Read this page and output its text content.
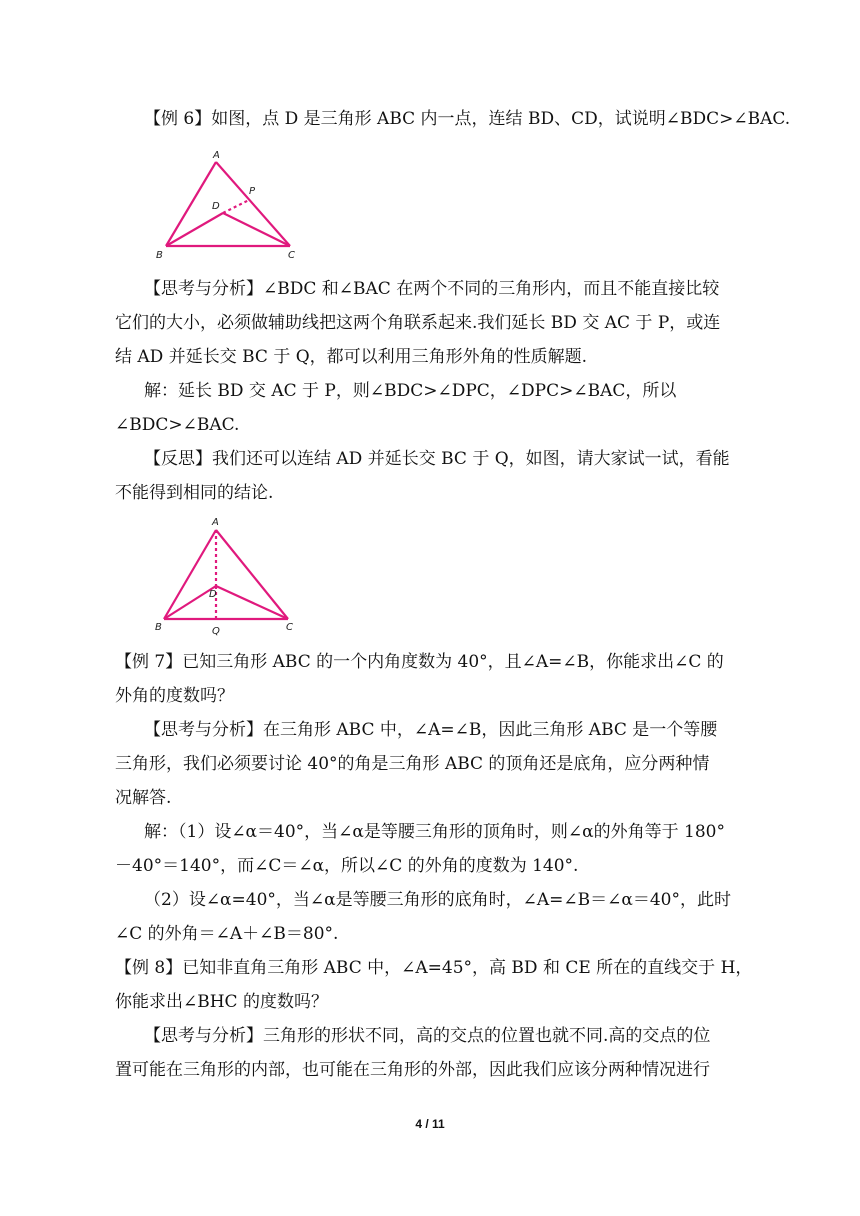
【例 6】如图，点 D 是三角形 ABC 内一点，连结 BD、CD，试说明∠BDC>∠BAC.
A
P
D
B	C
【思考与分析】∠BDC 和∠BAC 在两个不同的三角形内，而且不能直接比较
它们的大小，必须做辅助线把这两个角联系起来.我们延长 BD 交 AC 于 P，或连
结 AD 并延长交 BC 于 Q，都可以利用三角形外角的性质解题.
解：延长 BD 交 AC 于 P，则∠BDC>∠DPC，∠DPC>∠BAC，所以
∠BDC>∠BAC.
【反思】我们还可以连结 AD 并延长交 BC 于 Q，如图，请大家试一试，看能
不能得到相同的结论.
A
D
B	Q	C
【例 7】已知三角形 ABC 的一个内角度数为 40°，且∠A=∠B，你能求出∠C 的
外角的度数吗？
【思考与分析】在三角形 ABC 中，∠A=∠B，因此三角形 ABC 是一个等腰
三角形，我们必须要讨论 40°的角是三角形 ABC 的顶角还是底角，应分两种情
况解答.
解：（1）设∠α＝40°，当∠α是等腰三角形的顶角时，则∠α的外角等于 180°
－40°＝140°，而∠C＝∠α，所以∠C 的外角的度数为 140°.
（2）设∠α=40°，当∠α是等腰三角形的底角时，∠A=∠B＝∠α＝40°，此时
∠C 的外角＝∠A＋∠B＝80°.
【例 8】已知非直角三角形 ABC 中，∠A=45°，高 BD 和 CE 所在的直线交于 H，
你能求出∠BHC 的度数吗？
【思考与分析】三角形的形状不同，高的交点的位置也就不同.高的交点的位
置可能在三角形的内部，也可能在三角形的外部，因此我们应该分两种情况进行
4 / 11
